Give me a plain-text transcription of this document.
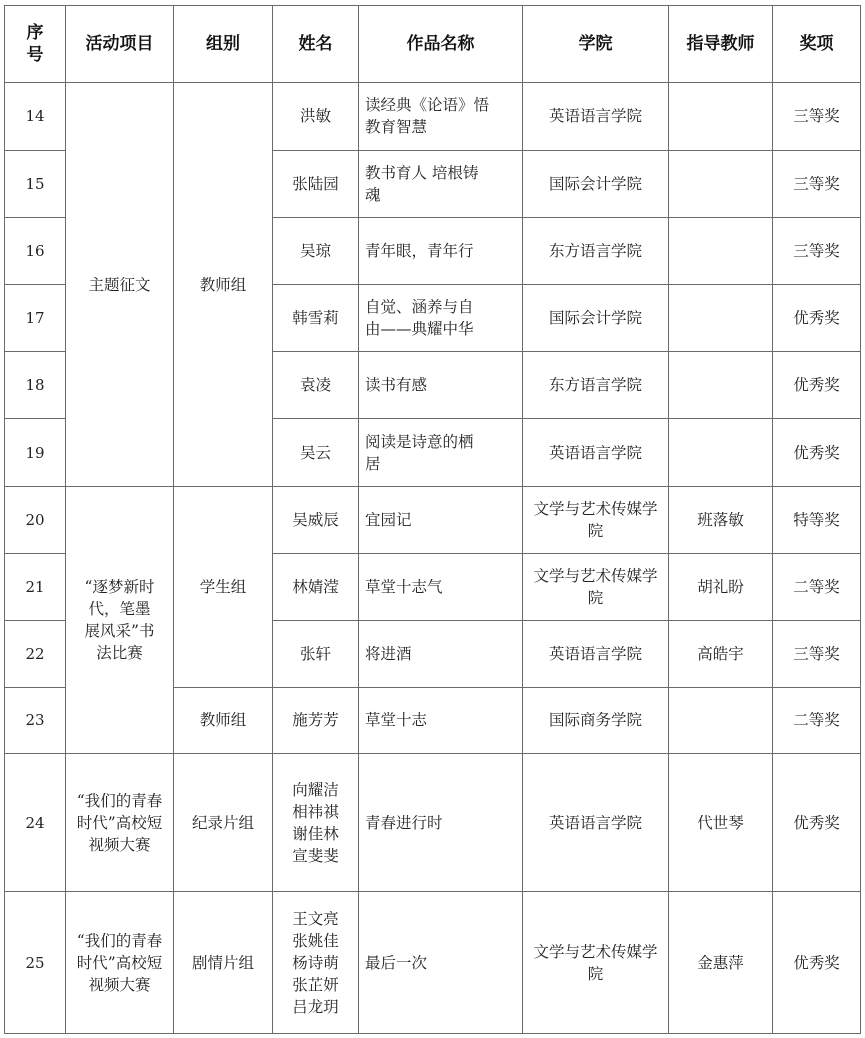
序号	活动项目	组别	姓名	作品名称	学院	指导教师	奖项
14	主题征文	教师组	洪敏	读经典《论语》悟教育智慧	英语语言学院		三等奖
15			张陆园	教书育人 培根铸魂	国际会计学院		三等奖
16			吴琼	青年眼，青年行	东方语言学院		三等奖
17			韩雪莉	自觉、涵养与自由——典耀中华	国际会计学院		优秀奖
18			袁凌	读书有感	东方语言学院		优秀奖
19			吴云	阅读是诗意的栖居	英语语言学院		优秀奖
20	“逐梦新时代，笔墨展风采”书法比赛	学生组	吴威辰	宜园记	文学与艺术传媒学院	班落敏	特等奖
21			林婧滢	草堂十志气	文学与艺术传媒学院	胡礼盼	二等奖
22			张轩	将进酒	英语语言学院	高皓宇	三等奖
23		教师组	施芳芳	草堂十志	国际商务学院		二等奖
24	“我们的青春时代”高校短视频大赛	纪录片组	向耀洁
相祎祺
谢佳林
宣斐斐	青春进行时	英语语言学院	代世琴	优秀奖
25	“我们的青春时代”高校短视频大赛	剧情片组	王文亮
张姚佳
杨诗萌
张芷妍
吕龙玥	最后一次	文学与艺术传媒学院	金惠萍	优秀奖
